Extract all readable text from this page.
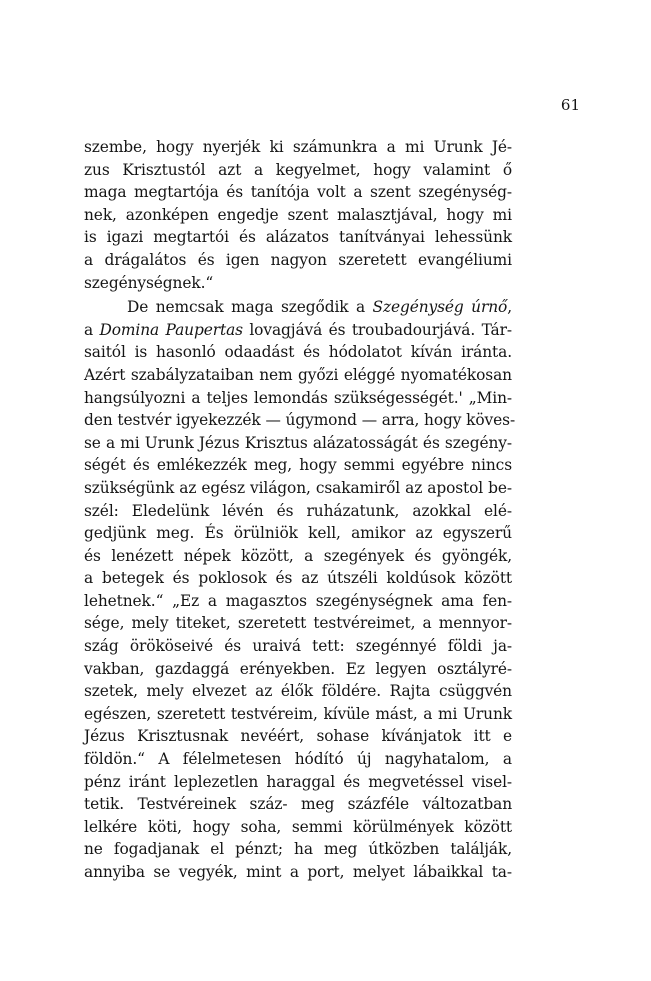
61
szembe, hogy nyerjék ki számunkra a mi Urunk Jé-
zus Krisztustól azt a kegyelmet, hogy valamint ő
maga megtartója és tanítója volt a szent szegénység-
nek, azonképen engedje szent malasztjával, hogy mi
is igazi megtartói és alázatos tanítványai lehessünk
a drágalátos és igen nagyon szeretett evangéliumi
szegénységnek.“
De nemcsak maga szegődik a Szegénység úrnő,
a Domina Paupertas lovagjává és troubadourjává. Tár-
saitól is hasonló odaadást és hódolatot kíván iránta.
Azért szabályzataiban nem győzi eléggé nyomatékosan
hangsúlyozni a teljes lemondás szükségességét.' „Min-
den testvér igyekezzék — úgymond — arra, hogy köves-
se a mi Urunk Jézus Krisztus alázatosságát és szegény-
ségét és emlékezzék meg, hogy semmi egyébre nincs
szükségünk az egész világon, csakamiről az apostol be-
szél: Eledelünk lévén és ruházatunk, azokkal elé-
gedjünk meg. És örülniök kell, amikor az egyszerű
és lenézett népek között, a szegények és gyöngék,
a betegek és poklosok és az útszéli koldúsok között
lehetnek.“ „Ez a magasztos szegénységnek ama fen-
sége, mely titeket, szeretett testvéreimet, a mennyor-
szág örököseivé és uraivá tett: szegénnyé földi ja-
vakban, gazdaggá erényekben. Ez legyen osztályré-
szetek, mely elvezet az élők földére. Rajta csüggvén
egészen, szeretett testvéreim, kívüle mást, a mi Urunk
Jézus Krisztusnak nevéért, sohase kívánjatok itt e
földön.“ A félelmetesen hódító új nagyhatalom, a
pénz iránt leplezetlen haraggal és megvetéssel visel-
tetik. Testvéreinek száz- meg százféle változatban
lelkére köti, hogy soha, semmi körülmények között
ne fogadjanak el pénzt; ha meg útközben találják,
annyiba se vegyék, mint a port, melyet lábaikkal ta-
